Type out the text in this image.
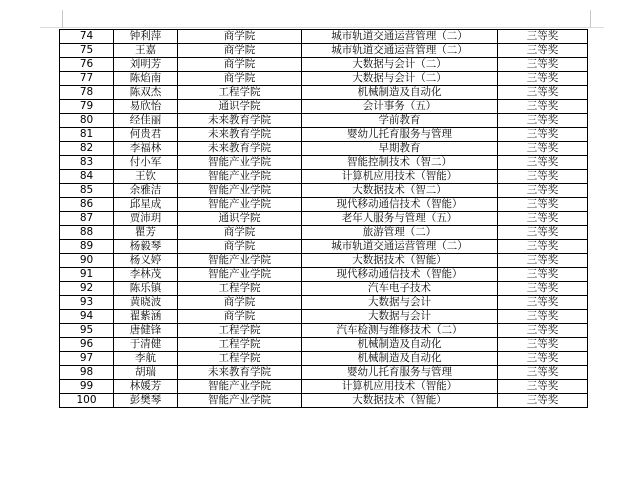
74	钟利萍	商学院	城市轨道交通运营管理（二）	三等奖
75	王嘉	商学院	城市轨道交通运营管理（二）	三等奖
76	刘明芳	商学院	大数据与会计（二）	三等奖
77	陈焰南	商学院	大数据与会计（二）	三等奖
78	陈双杰	工程学院	机械制造及自动化	三等奖
79	易欣怡	通识学院	会计事务（五）	三等奖
80	经佳丽	未来教育学院	学前教育	三等奖
81	何贵君	未来教育学院	婴幼儿托育服务与管理	三等奖
82	李福林	未来教育学院	早期教育	三等奖
83	付小军	智能产业学院	智能控制技术（智二）	三等奖
84	王钦	智能产业学院	计算机应用技术（智能）	三等奖
85	余雅洁	智能产业学院	大数据技术（智二）	三等奖
86	邱星成	智能产业学院	现代移动通信技术（智能）	三等奖
87	贾沛玥	通识学院	老年人服务与管理（五）	三等奖
88	瞿芳	商学院	旅游管理（二）	三等奖
89	杨毅琴	商学院	城市轨道交通运营管理（二）	三等奖
90	杨义婷	智能产业学院	大数据技术（智能）	三等奖
91	李林茂	智能产业学院	现代移动通信技术（智能）	三等奖
92	陈乐镇	工程学院	汽车电子技术	三等奖
93	黄晓波	商学院	大数据与会计	三等奖
94	翟紫涵	商学院	大数据与会计	三等奖
95	唐健锋	工程学院	汽车检测与维修技术（二）	三等奖
96	于清健	工程学院	机械制造及自动化	三等奖
97	李航	工程学院	机械制造及自动化	三等奖
98	胡瑞	未来教育学院	婴幼儿托育服务与管理	三等奖
99	林媛芳	智能产业学院	计算机应用技术（智能）	三等奖
100	彭樊琴	智能产业学院	大数据技术（智能）	三等奖
